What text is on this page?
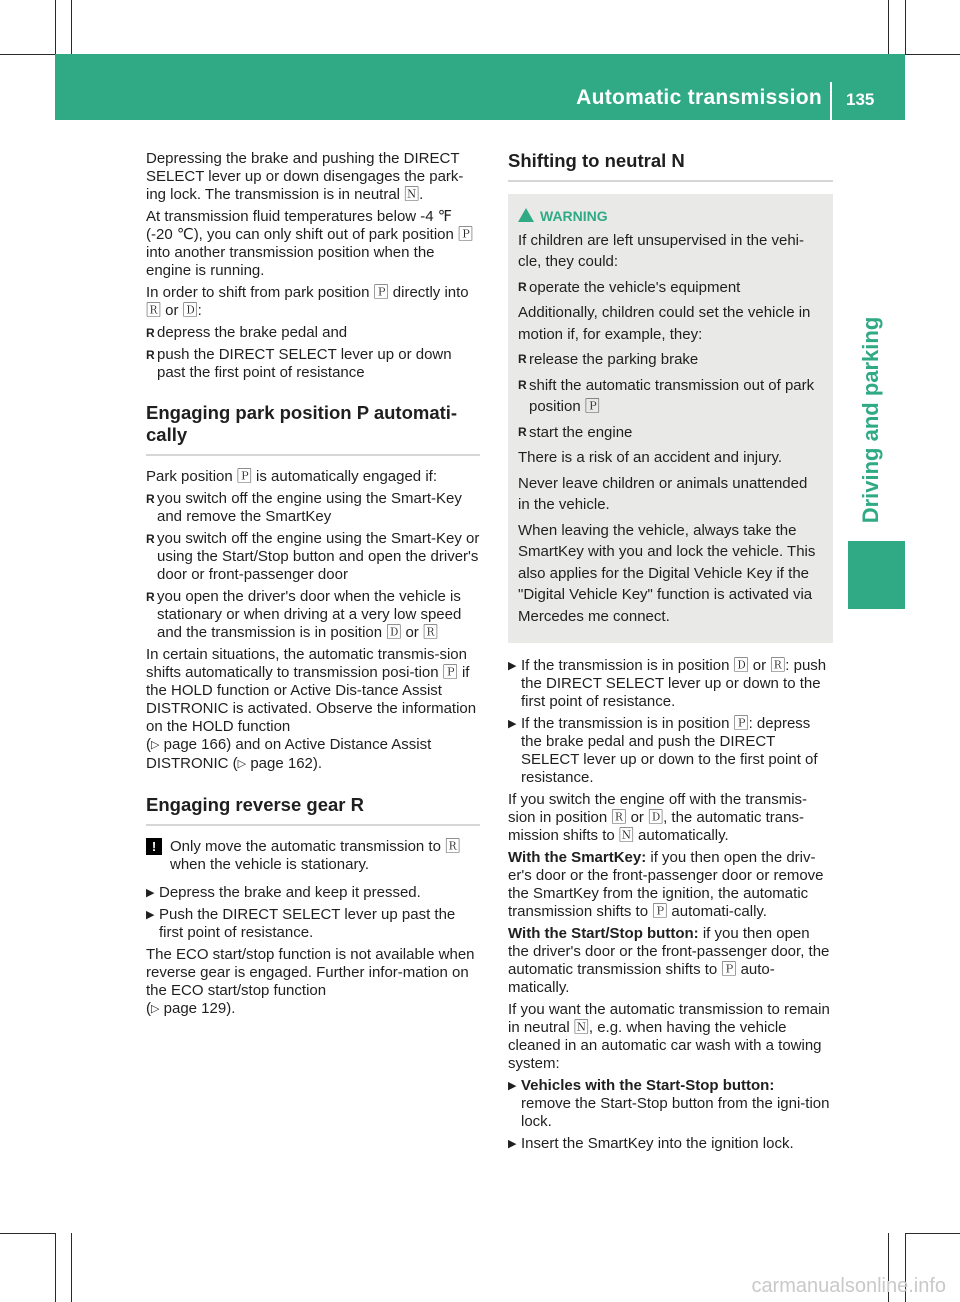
Automatic transmission 135
Driving and parking

Depressing the brake and pushing the DIRECT SELECT lever up or down disengages the park-ing lock. The transmission is in neutral 🄽.

At transmission fluid temperatures below -4 ℉ (-20 ℃), you can only shift out of park position 🄿 into another transmission position when the engine is running.

In order to shift from park position 🄿 directly into 🅁 or 🄳:

R depress the brake pedal and
R push the DIRECT SELECT lever up or down past the first point of resistance
Engaging park position P automati-cally

Park position 🄿 is automatically engaged if:

R you switch off the engine using the Smart-Key and remove the SmartKey
R you switch off the engine using the Smart-Key or using the Start/Stop button and open the driver's door or front-passenger door
R you open the driver's door when the vehicle is stationary or when driving at a very low speed and the transmission is in position 🄳 or 🅁

In certain situations, the automatic transmis-sion shifts automatically to transmission posi-tion 🄿 if the HOLD function or Active Dis-tance Assist DISTRONIC is activated. Observe the information on the HOLD function
(▷ page 166) and on Active Distance Assist DISTRONIC (▷ page 162).

Engaging reverse gear R
! Only move the automatic transmission to 🅁 when the vehicle is stationary.
▶ Depress the brake and keep it pressed.
▶ Push the DIRECT SELECT lever up past the first point of resistance.

The ECO start/stop function is not available when reverse gear is engaged. Further infor-mation on the ECO start/stop function
(▷ page 129).

Shifting to neutral N
WARNING

If children are left unsupervised in the vehi-cle, they could:

R operate the vehicle's equipment

Additionally, children could set the vehicle in motion if, for example, they:

R release the parking brake
R shift the automatic transmission out of park position 🄿
R start the engine

There is a risk of an accident and injury.

Never leave children or animals unattended in the vehicle.

When leaving the vehicle, always take the SmartKey with you and lock the vehicle. This also applies for the Digital Vehicle Key if the "Digital Vehicle Key" function is activated via Mercedes me connect.

▶ If the transmission is in position 🄳 or 🅁: push the DIRECT SELECT lever up or down to the first point of resistance.
▶ If the transmission is in position 🄿: depress the brake pedal and push the DIRECT SELECT lever up or down to the first point of resistance.

If you switch the engine off with the transmis-sion in position 🅁 or 🄳, the automatic trans-mission shifts to 🄽 automatically.

With the SmartKey: if you then open the driv-er's door or the front-passenger door or remove the SmartKey from the ignition, the automatic transmission shifts to 🄿 automati-cally.

With the Start/Stop button: if you then open the driver's door or the front-passenger door, the automatic transmission shifts to 🄿 auto-matically.

If you want the automatic transmission to remain in neutral 🄽, e.g. when having the vehicle cleaned in an automatic car wash with a towing system:

▶ Vehicles with the Start-Stop button:
remove the Start-Stop button from the igni-tion lock.
▶ Insert the SmartKey into the ignition lock.
carmanualsonline.info
